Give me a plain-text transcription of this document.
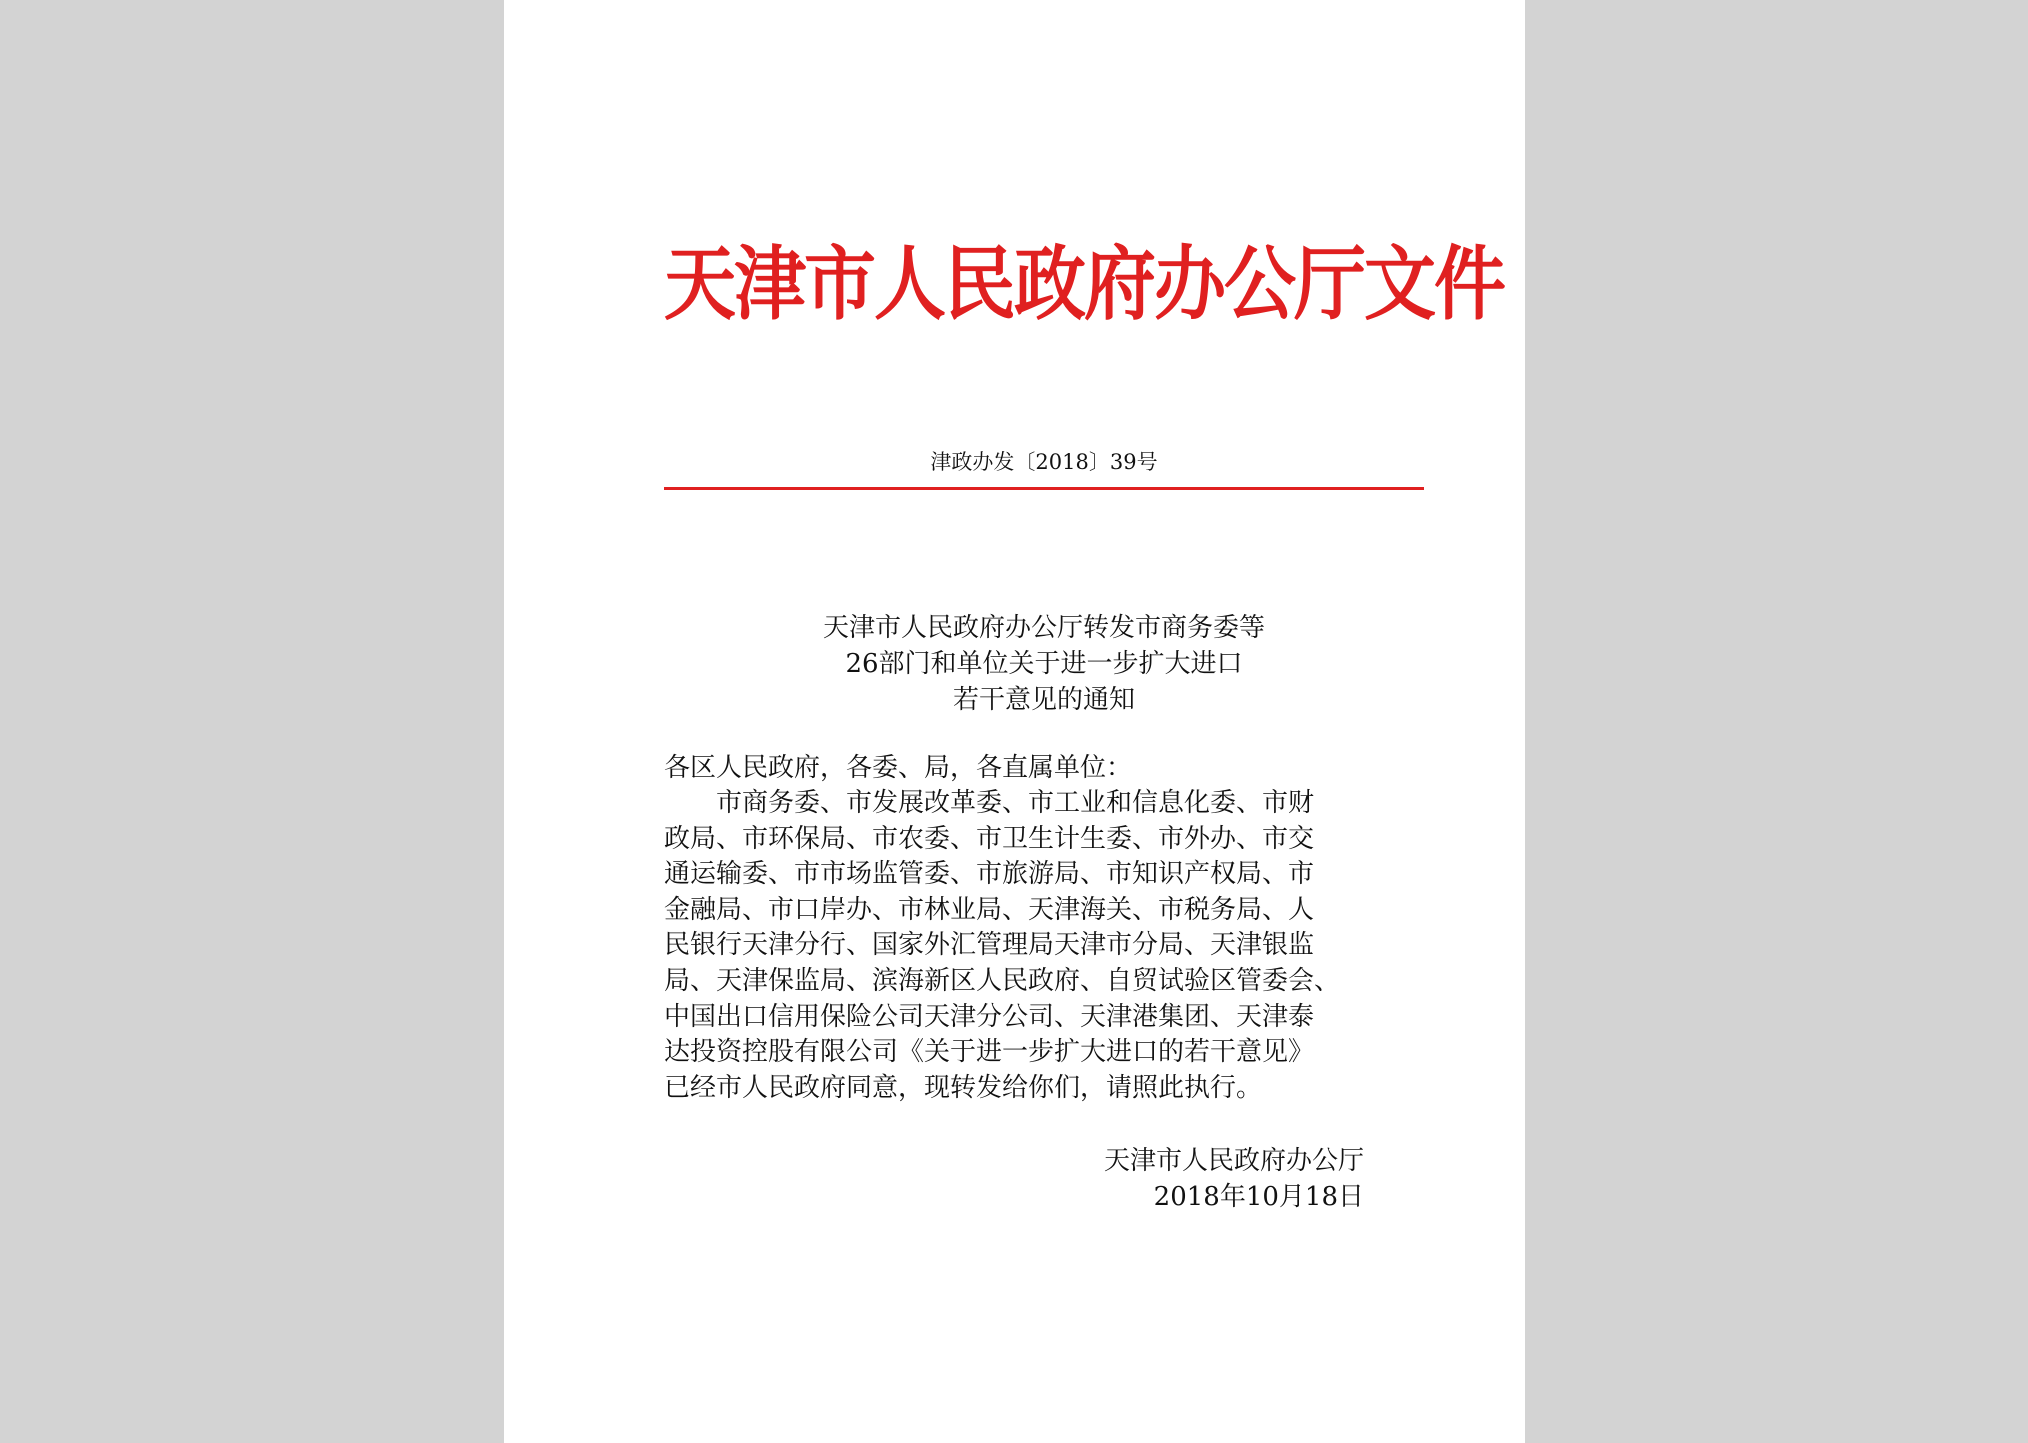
天津市人民政府办公厅文件
津政办发〔2018〕39号
天津市人民政府办公厅转发市商务委等
26部门和单位关于进一步扩大进口
若干意见的通知
各区人民政府，各委、局，各直属单位：
　　市商务委、市发展改革委、市工业和信息化委、市财
政局、市环保局、市农委、市卫生计生委、市外办、市交
通运输委、市市场监管委、市旅游局、市知识产权局、市
金融局、市口岸办、市林业局、天津海关、市税务局、人
民银行天津分行、国家外汇管理局天津市分局、天津银监
局、天津保监局、滨海新区人民政府、自贸试验区管委会、
中国出口信用保险公司天津分公司、天津港集团、天津泰
达投资控股有限公司《关于进一步扩大进口的若干意见》
已经市人民政府同意，现转发给你们，请照此执行。
天津市人民政府办公厅
2018年10月18日
